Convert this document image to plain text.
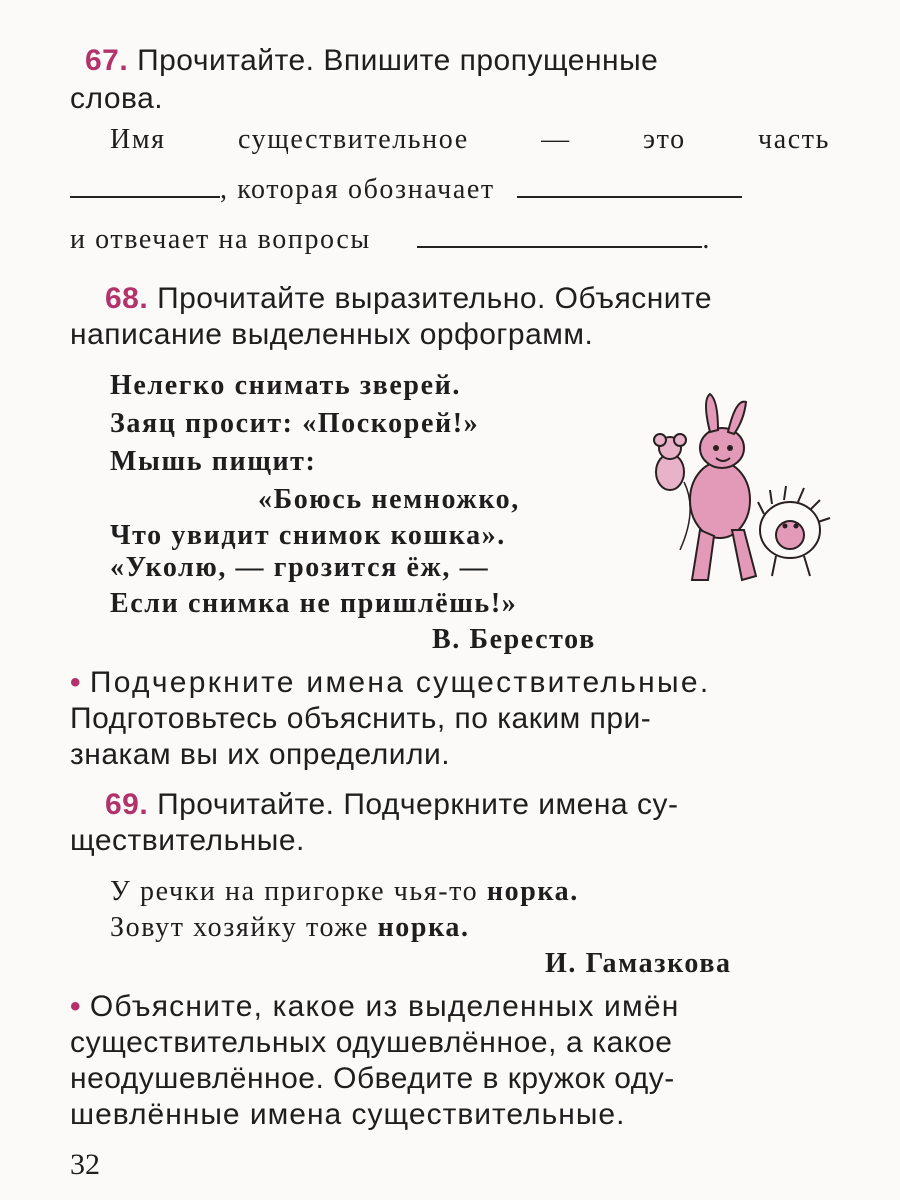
67. Прочитайте. Впишите пропущенные
слова.
Имя	существительное	—	это	часть
, которая обозначает
и отвечает на вопросы	.
68. Прочитайте выразительно. Объясните
написание выделенных орфограмм.
Нелегко снимать зверей.
Заяц просит: «Поскорей!»
Мышь пищит:
«Боюсь немножко,
Что увидит снимок кошка».
«Уколю, — грозится ёж, —
Если снимка не пришлёшь!»
В. Берестов
• Подчеркните имена существительные.
Подготовьтесь объяснить, по каким при-
знакам вы их определили.
69. Прочитайте. Подчеркните имена су-
ществительные.
У речки на пригорке чья-то норка.
Зовут хозяйку тоже норка.
И. Гамазкова
• Объясните, какое из выделенных имён
существительных одушевлённое, а какое
неодушевлённое. Обведите в кружок оду-
шевлённые имена существительные.
32
